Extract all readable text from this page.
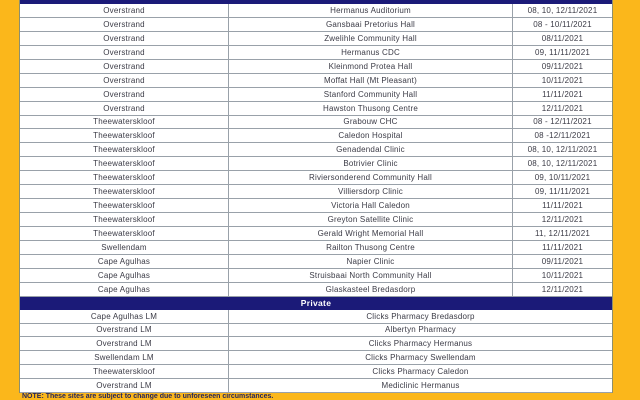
Overstrand	Hermanus Auditorium	08, 10, 12/11/2021
Overstrand	Gansbaai Pretorius Hall	08 - 10/11/2021
Overstrand	Zwelihle Community Hall	08/11/2021
Overstrand	Hermanus CDC	09, 11/11/2021
Overstrand	Kleinmond Protea Hall	09/11/2021
Overstrand	Moffat Hall (Mt Pleasant)	10/11/2021
Overstrand	Stanford Community Hall	11/11/2021
Overstrand	Hawston Thusong Centre	12/11/2021
Theewaterskloof	Grabouw CHC	08 - 12/11/2021
Theewaterskloof	Caledon Hospital	08 -12/11/2021
Theewaterskloof	Genadendal Clinic	08, 10, 12/11/2021
Theewaterskloof	Botrivier Clinic	08, 10, 12/11/2021
Theewaterskloof	Riviersonderend Community Hall	09, 10/11/2021
Theewaterskloof	Villiersdorp Clinic	09, 11/11/2021
Theewaterskloof	Victoria Hall Caledon	11/11/2021
Theewaterskloof	Greyton Satellite Clinic	12/11/2021
Theewaterskloof	Gerald Wright Memorial Hall	11, 12/11/2021
Swellendam	Railton Thusong Centre	11/11/2021
Cape Agulhas	Napier Clinic	09/11/2021
Cape Agulhas	Struisbaai North Community Hall	10/11/2021
Cape Agulhas	Glaskasteel Bredasdorp	12/11/2021
Private
Cape Agulhas LM	Clicks Pharmacy Bredasdorp
Overstrand LM	Albertyn Pharmacy
Overstrand LM	Clicks Pharmacy Hermanus
Swellendam LM	Clicks Pharmacy Swellendam
Theewaterskloof	Clicks Pharmacy Caledon
Overstrand LM	Mediclinic Hermanus
NOTE: These sites are subject to change due to unforeseen circumstances.
